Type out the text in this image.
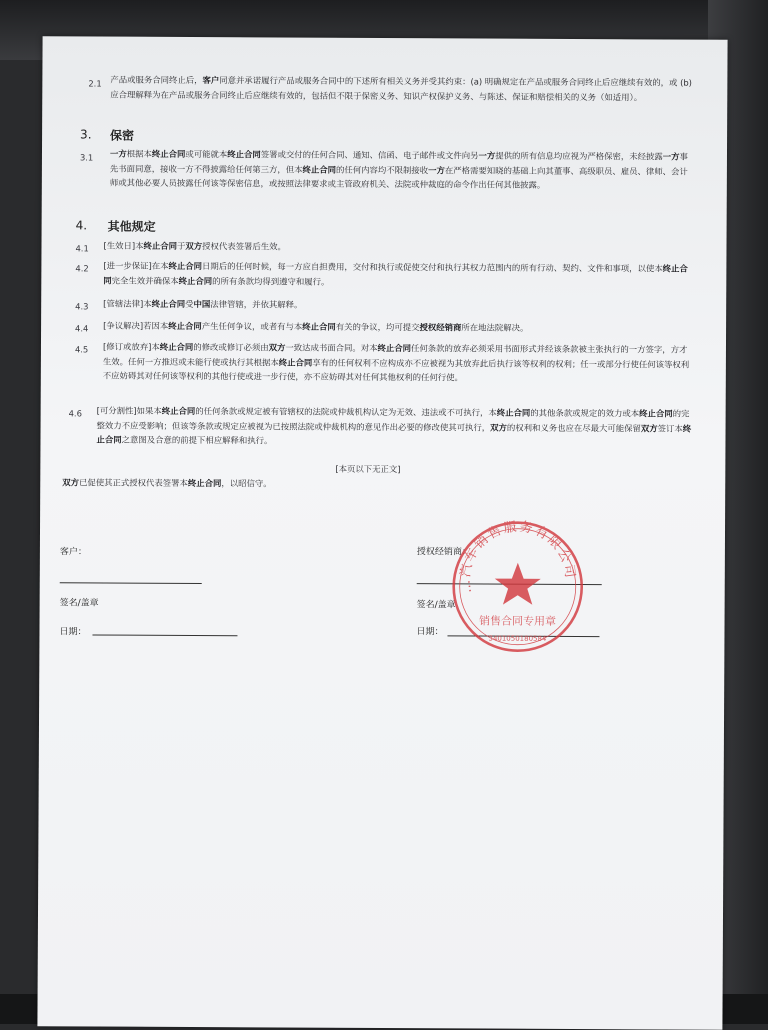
2.1 产品或服务合同终止后，客户同意并承诺履行产品或服务合同中的下述所有相关义务并受其约束：(a) 明确规定在产品或服务合同终止后应继续有效的，或 (b) 应合理解释为在产品或服务合同终止后应继续有效的，包括但不限于保密义务、知识产权保护义务、与陈述、保证和赔偿相关的义务（如适用）。
3. 保密
3.1 一方根据本终止合同或可能就本终止合同签署或交付的任何合同、通知、信函、电子邮件或文件向另一方提供的所有信息均应视为严格保密，未经披露一方事先书面同意，接收一方不得披露给任何第三方，但本终止合同的任何内容均不限制接收一方在严格需要知晓的基础上向其董事、高级职员、雇员、律师、会计师或其他必要人员披露任何该等保密信息，或按照法律要求或主管政府机关、法院或仲裁庭的命令作出任何其他披露。
4. 其他规定
4.1 [生效日]本终止合同于双方授权代表签署后生效。
4.2 [进一步保证]在本终止合同日期后的任何时候，每一方应自担费用，交付和执行或促使交付和执行其权力范围内的所有行动、契约、文件和事项，以使本终止合同完全生效并确保本终止合同的所有条款均得到遵守和履行。
4.3 [管辖法律]本终止合同受中国法律管辖，并依其解释。
4.4 [争议解决]若因本终止合同产生任何争议，或者有与本终止合同有关的争议，均可提交授权经销商所在地法院解决。
4.5 [修订或放弃]本终止合同的修改或修订必须由双方一致达成书面合同。对本终止合同任何条款的放弃必须采用书面形式并经该条款被主张执行的一方签字，方才生效。任何一方推迟或未能行使或执行其根据本终止合同享有的任何权利不应构成亦不应被视为其放弃此后执行该等权利的权利；任一或部分行使任何该等权利不应妨碍其对任何该等权利的其他行使或进一步行使，亦不应妨碍其对任何其他权利的任何行使。
4.6 [可分割性]如果本终止合同的任何条款或规定被有管辖权的法院或仲裁机构认定为无效、违法或不可执行，本终止合同的其他条款或规定的效力或本终止合同的完整效力不应受影响；但该等条款或规定应被视为已按照法院或仲裁机构的意见作出必要的修改使其可执行，双方的权利和义务也应在尽最大可能保留双方签订本终止合同之意图及合意的前提下相应解释和执行。
[本页以下无正文]
双方已促使其正式授权代表签署本终止合同，以昭信守。
客户：
签名/盖章
日期：
授权经销商：
签名/盖章
日期：
…汽车销售服务有限公司
销售合同专用章
3401050180584
